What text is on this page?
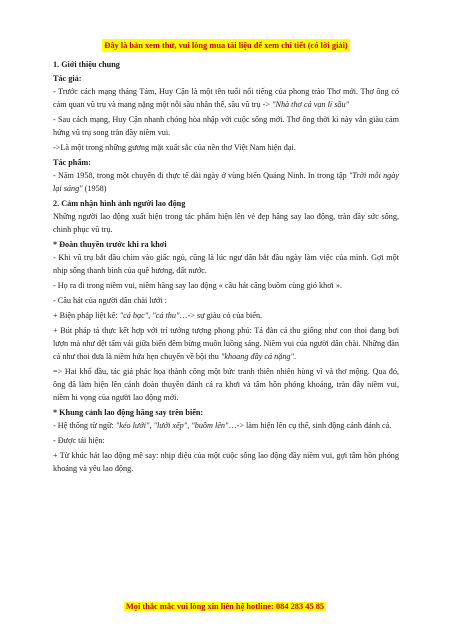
Đây là bản xem thử, vui lòng mua tài liệu để xem chi tiết (có lời giải)
1. Giới thiệu chung
Tác giả:

- Trước cách mạng tháng Tám, Huy Cận là một tên tuổi nổi tiếng của phong trào Thơ mới. Thơ ông có cảm quan vũ trụ và mang nặng một nỗi sầu nhân thế, sầu vũ trụ -> "Nhà thơ cả vạn lí sầu"

- Sau cách mạng, Huy Cận nhanh chóng hòa nhập với cuộc sống mới. Thơ ông thời kì này vẫn giàu cảm hứng vũ trụ song tràn đầy niềm vui.

->Là một trong những gương mặt xuất sắc của nền thơ Việt Nam hiện đại.

Tác phẩm:

- Năm 1958, trong một chuyến đi thực tế dài ngày ở vùng biển Quảng Ninh. In trong tập "Trời mỗi ngày lại sáng" (1958)

2. Cảm nhận hình ảnh người lao động

Những người lao động xuất hiện trong tác phẩm hiện lên vẻ đẹp hăng say lao động, tràn đầy sức sống, chinh phục vũ trụ.

* Đoàn thuyền trước khi ra khơi

- Khi vũ trụ bắt đầu chìm vào giấc ngủ, cũng là lúc ngư dân bắt đầu ngày làm việc của mình. Gợi một nhịp sống thanh bình của quê hương, đất nước.

- Họ ra đi trong niềm vui, niềm hăng say lao động « câu hát căng buồm cùng gió khơi ».

- Câu hát của người dân chài lưới :

+ Biện pháp liệt kê: "cá bạc", "cá thu"…-> sự giàu có của biển.

+ Bút pháp tả thực kết hợp với trí tưởng tượng phong phú: Tả đàn cá thu giống như con thoi đang bơi lượn mà như dệt tấm vải giữa biển đêm bừng muôn luồng sáng. Niềm vui của người dân chài. Những đàn cá như thoi đưa là niềm hứa hẹn chuyến về bội thu "khoang đầy cá nặng".

=> Hai khổ đầu, tác giả phác họa thành công một bức tranh thiên nhiên hùng vĩ và thơ mộng. Qua đó, ông đã làm hiện lên cảnh đoàn thuyền đánh cá ra khơi và tâm hồn phóng khoáng, tràn đầy niềm vui, niềm hi vọng của người lao động mới.

* Khung cảnh lao động hăng say trên biển:

- Hệ thống từ ngữ: "kéo lưới", "lưới xếp", "buồm lên"…-> làm hiện lên cụ thể, sinh động cảnh đánh cá.

- Được tái hiện:

+ Từ khúc hát lao động mê say: nhịp điệu của một cuộc sống lao động đầy niềm vui, gợi tâm hồn phóng khoáng và yêu lao động.

Mọi thắc mắc vui lòng xin liên hệ hotline: 084 283 45 85
